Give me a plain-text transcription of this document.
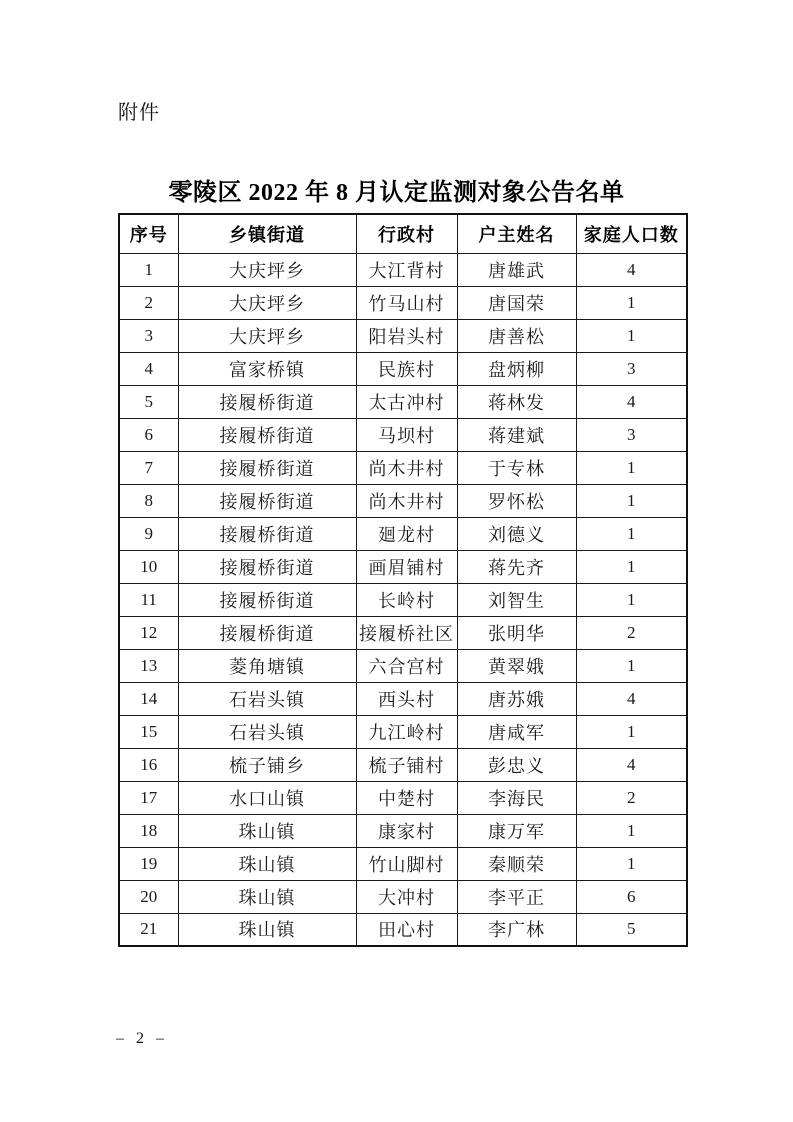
附件
零陵区 2022 年 8 月认定监测对象公告名单
序号	乡镇街道	行政村	户主姓名	家庭人口数
1	大庆坪乡	大江背村	唐雄武	4
2	大庆坪乡	竹马山村	唐国荣	1
3	大庆坪乡	阳岩头村	唐善松	1
4	富家桥镇	民族村	盘炳柳	3
5	接履桥街道	太古冲村	蒋林发	4
6	接履桥街道	马坝村	蒋建斌	3
7	接履桥街道	尚木井村	于专林	1
8	接履桥街道	尚木井村	罗怀松	1
9	接履桥街道	廻龙村	刘德义	1
10	接履桥街道	画眉铺村	蒋先齐	1
11	接履桥街道	长岭村	刘智生	1
12	接履桥街道	接履桥社区	张明华	2
13	菱角塘镇	六合宫村	黄翠娥	1
14	石岩头镇	西头村	唐苏娥	4
15	石岩头镇	九江岭村	唐咸军	1
16	梳子铺乡	梳子铺村	彭忠义	4
17	水口山镇	中楚村	李海民	2
18	珠山镇	康家村	康万军	1
19	珠山镇	竹山脚村	秦顺荣	1
20	珠山镇	大冲村	李平正	6
21	珠山镇	田心村	李广林	5
– 2 –
